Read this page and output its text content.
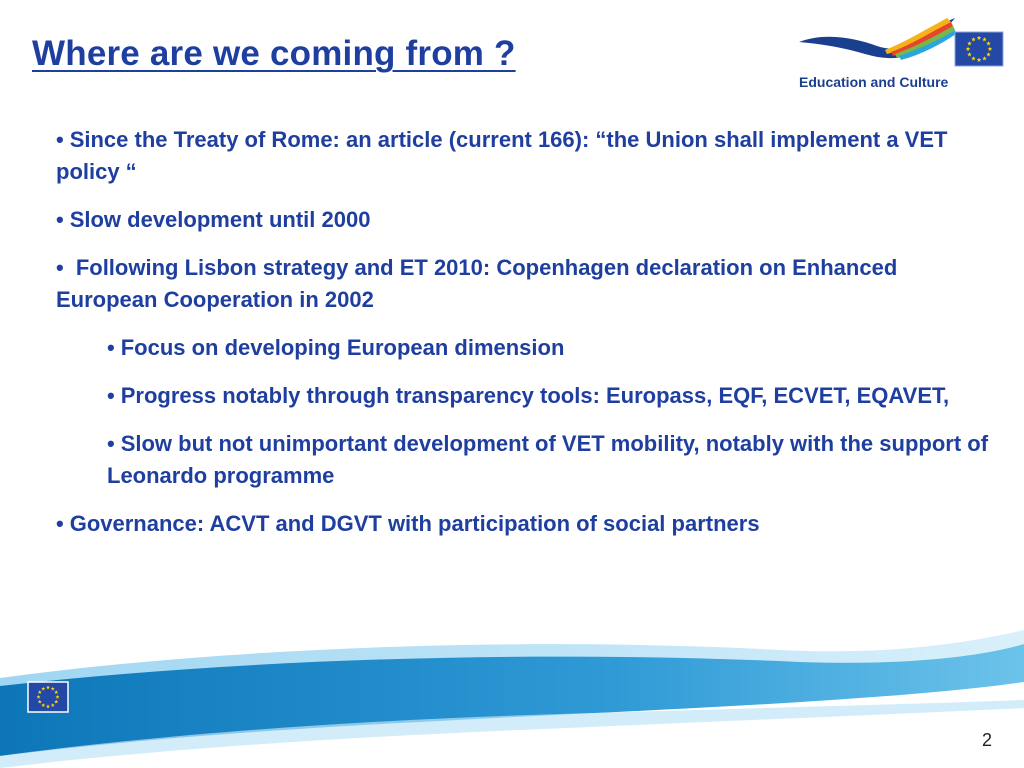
Where are we coming from ?
Education and Culture

• Since the Treaty of Rome: an article (current 166): “the Union shall implement a VET policy “

• Slow development until 2000

• Following Lisbon strategy and ET 2010: Copenhagen declaration on Enhanced European Cooperation in 2002

• Focus on developing European dimension

• Progress notably through transparency tools: Europass, EQF, ECVET, EQAVET,

• Slow but not unimportant development of VET mobility, notably with the support of Leonardo programme

• Governance: ACVT and DGVT with participation of social partners

2
